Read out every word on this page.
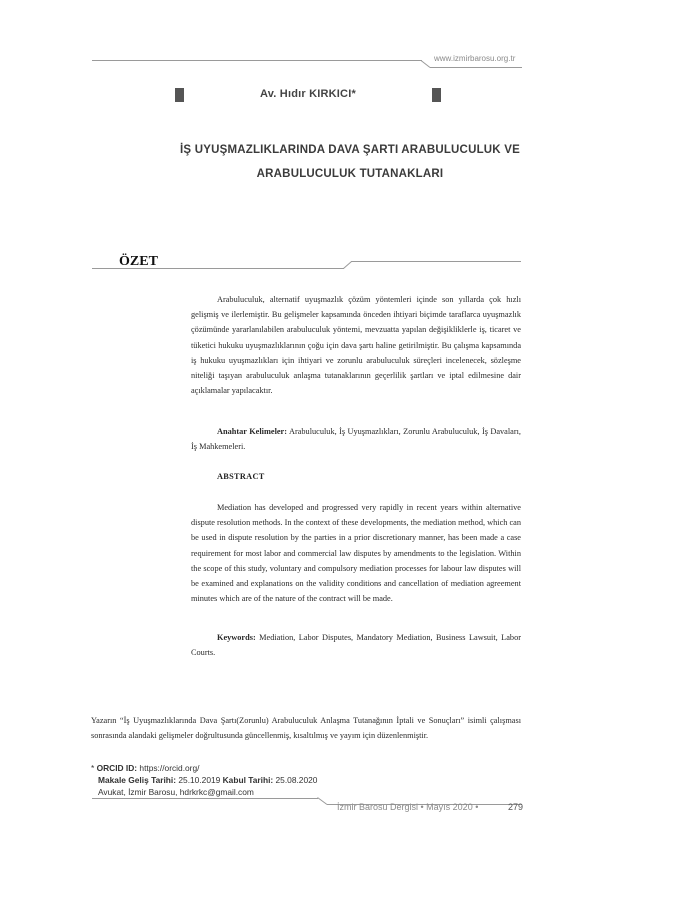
www.izmirbarosu.org.tr
Av. Hıdır KIRKICI*
İŞ UYUŞMAZLIKLARINDA DAVA ŞARTI ARABULUCULUK VE
ARABULUCULUK TUTANAKLARI
ÖZET

Arabuluculuk, alternatif uyuşmazlık çözüm yöntemleri içinde son yıllarda çok hızlı gelişmiş ve ilerlemiştir. Bu gelişmeler kapsamında önceden ihtiyari biçimde taraflarca uyuşmazlık çözümünde yararlanılabilen arabuluculuk yöntemi, mevzuatta yapılan değişikliklerle iş, ticaret ve tüketici hukuku uyuşmazlıklarının çoğu için dava şartı haline getirilmiştir. Bu çalışma kapsamında iş hukuku uyuşmazlıkları için ihtiyari ve zorunlu arabuluculuk süreçleri incelenecek, sözleşme niteliği taşıyan arabuluculuk anlaşma tutanaklarının geçerlilik şartları ve iptal edilmesine dair açıklamalar yapılacaktır.

Anahtar Kelimeler: Arabuluculuk, İş Uyuşmazlıkları, Zorunlu Arabuluculuk, İş Davaları, İş Mahkemeleri.

ABSTRACT

Mediation has developed and progressed very rapidly in recent years within alternative dispute resolution methods. In the context of these developments, the mediation method, which can be used in dispute resolution by the parties in a prior discretionary manner, has been made a case requirement for most labor and commercial law disputes by amendments to the legislation. Within the scope of this study, voluntary and compulsory mediation processes for labour law disputes will be examined and explanations on the validity conditions and cancellation of mediation agreement minutes which are of the nature of the contract will be made.

Keywords: Mediation, Labor Disputes, Mandatory Mediation, Business Lawsuit, Labor Courts.

Yazarın “İş Uyuşmazlıklarında Dava Şartı(Zorunlu) Arabuluculuk Anlaşma Tutanağının İptali ve Sonuçları” isimli çalışması sonrasında alandaki gelişmeler doğrultusunda güncellenmiş, kısaltılmış ve yayım için düzenlenmiştir.
* ORCID ID: https://orcid.org/
Makale Geliş Tarihi: 25.10.2019 Kabul Tarihi: 25.08.2020
Avukat, İzmir Barosu, hdrkrkc@gmail.com
İzmir Barosu Dergisi • Mayıs 2020 •	279
